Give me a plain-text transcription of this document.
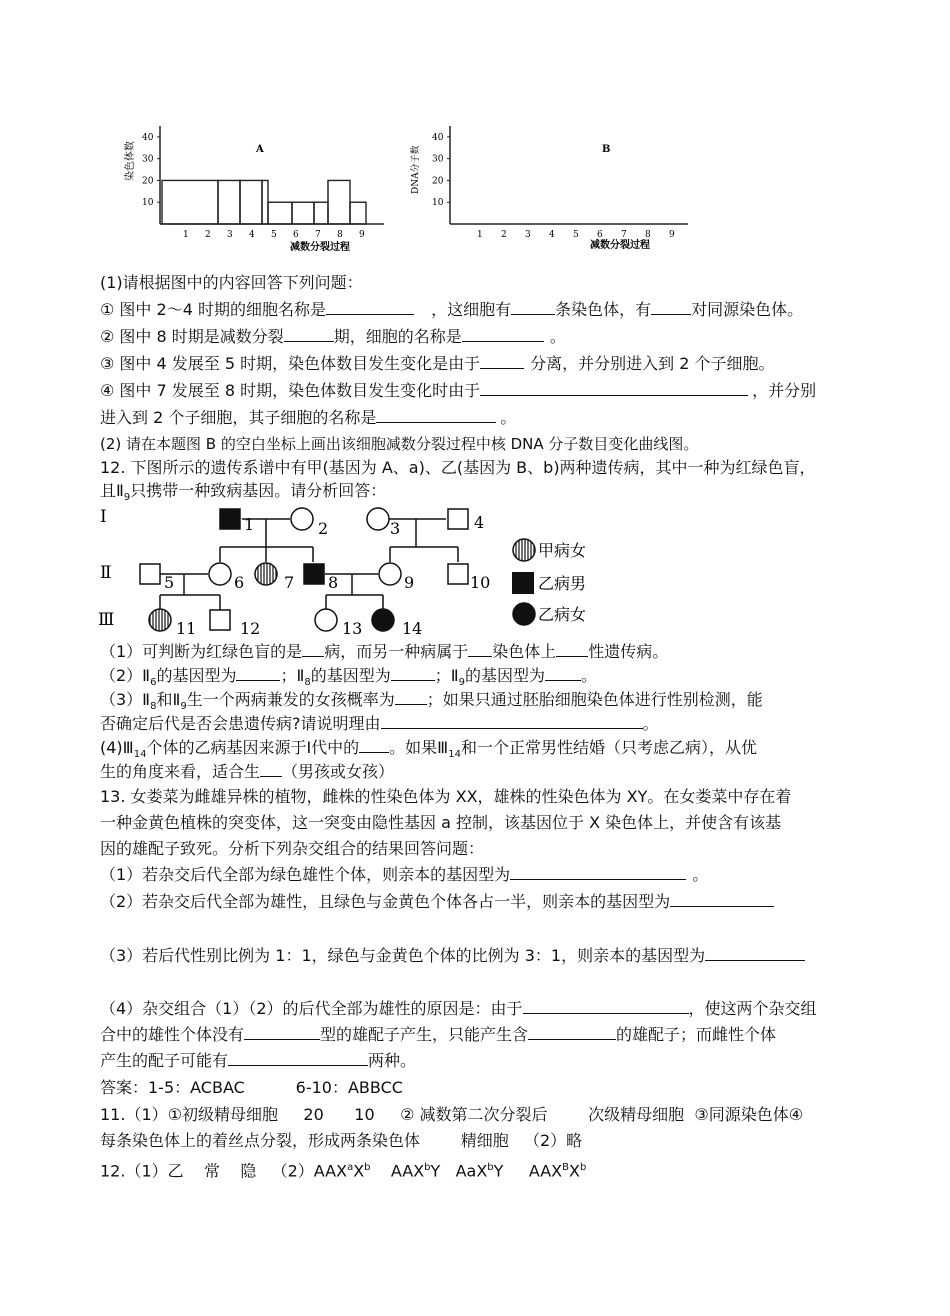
染色体数	A
减数分裂过程
10
20
30
40
1 2 3 4 5 6 7 8 9
DNA分子数	B
减数分裂过程
10
20
30
40
1 2 3 4 5 6 7 8 9
(1)请根据图中的内容回答下列问题：
① 图中 2～4 时期的细胞名称是	，这细胞有	条染色体，有	对同源染色体。
② 图中 8 时期是减数分裂	期，细胞的名称是	。
③ 图中 4 发展至 5 时期，染色体数目发生变化是由于	分离，并分别进入到 2 个子细胞。
④ 图中 7 发展至 8 时期，染色体数目发生变化时由于	，并分别
进入到 2 个子细胞，其子细胞的名称是	。
(2) 请在本题图 B 的空白坐标上画出该细胞减数分裂过程中核 DNA 分子数目变化曲线图。
12. 下图所示的遗传系谱中有甲(基因为 A、a)、乙(基因为 B、b)两种遗传病，其中一种为红绿色盲，
且$Ⅱ_9$只携带一种致病基因。请分析回答：
Ⅰ
Ⅱ
Ⅲ
1	2	3	4
5	6 7 8	9	10
11	12	13 14
甲病女
乙病男
乙病女
（1）可判断为红绿色盲的是 病，而另一种病属于 染色体上 性遗传病。
$(2)Ⅱ_6$的基因型为	；$Ⅱ_8$的基因型为	；$Ⅱ_9$的基因型为 。
$(3)Ⅱ_8$和$Ⅱ_9$生一个两病兼发的女孩概率为 ；如果只通过胚胎细胞染色体进行性别检测，能
否确定后代是否会患遗传病?请说明理由	。
$(4)Ⅲ_{14}$个体的乙病基因来源于Ⅰ代中的 。如果$Ⅲ_{14}$和一个正常男性结婚（只考虑乙病），从优
生的角度来看，适合生 （男孩或女孩）
13. 女娄菜为雌雄异株的植物，雌株的性染色体为 XX，雄株的性染色体为 XY。在女娄菜中存在着
一种金黄色植株的突变体，这一突变由隐性基因 a 控制，该基因位于 X 染色体上，并使含有该基
因的雄配子致死。分析下列杂交组合的结果回答问题：
（1）若杂交后代全部为绿色雄性个体，则亲本的基因型为	。
（2）若杂交后代全部为雄性，且绿色与金黄色个体各占一半，则亲本的基因型为
（3）若后代性别比例为 1：1，绿色与金黄色个体的比例为 3：1，则亲本的基因型为
（4）杂交组合（1）（2）的后代全部为雄性的原因是：由于	，使这两个杂交组
合中的雄性个体没有	型的雄配子产生，只能产生含	的雄配子；而雌性个体
产生的配子可能有	两种。
答案：1-5：ACBAC          6-10：ABBCC
11.（1）①初级精母细胞     20      10     ② 减数第二次分裂后        次级精母细胞  ③同源染色体④
每条染色体上的着丝点分裂，形成两条染色体        精细胞   （2）略
12.（1）乙    常    隐   $(2)AAX^aX^b$    AAX$^b$Y   AaX$^b$Y     $AAX^BX^b$
